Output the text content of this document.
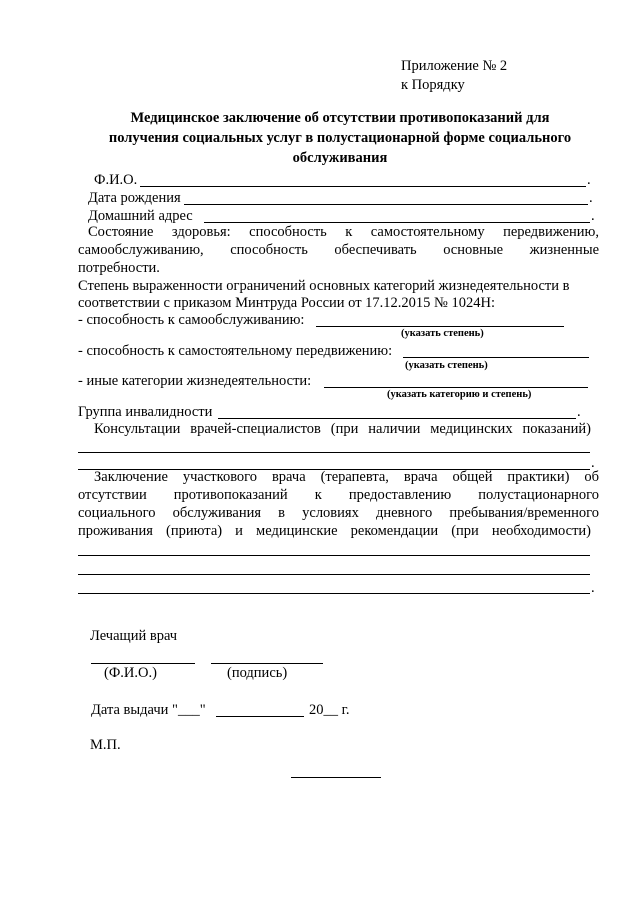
Приложение № 2
к Порядку
Медицинское заключение об отсутствии противопоказаний для
получения социальных услуг в полустационарной форме социального
обслуживания
Ф.И.О.	.
Дата рождения	.
Домашний адрес	.
Состояние здоровья: способность к самостоятельному передвижению,
самообслуживанию, способность обеспечивать основные жизненные
потребности.
Степень выраженности ограничений основных категорий жизнедеятельности в
соответствии с приказом Минтруда России от 17.12.2015 № 1024Н:
- способность к самообслуживанию:
(указать степень)
- способность к самостоятельному передвижению:
(указать степень)
- иные категории жизнедеятельности:
(указать категорию и степень)
Группа инвалидности	.
Консультации врачей-специалистов (при наличии медицинских показаний)
.
Заключение участкового врача (терапевта, врача общей практики) об
отсутствии противопоказаний к предоставлению полустационарного
социального обслуживания в условиях дневного пребывания/временного
проживания (приюта) и медицинские рекомендации (при необходимости)
.
Лечащий врач
(Ф.И.О.)	(подпись)
Дата выдачи "___"	20__ г.
М.П.
